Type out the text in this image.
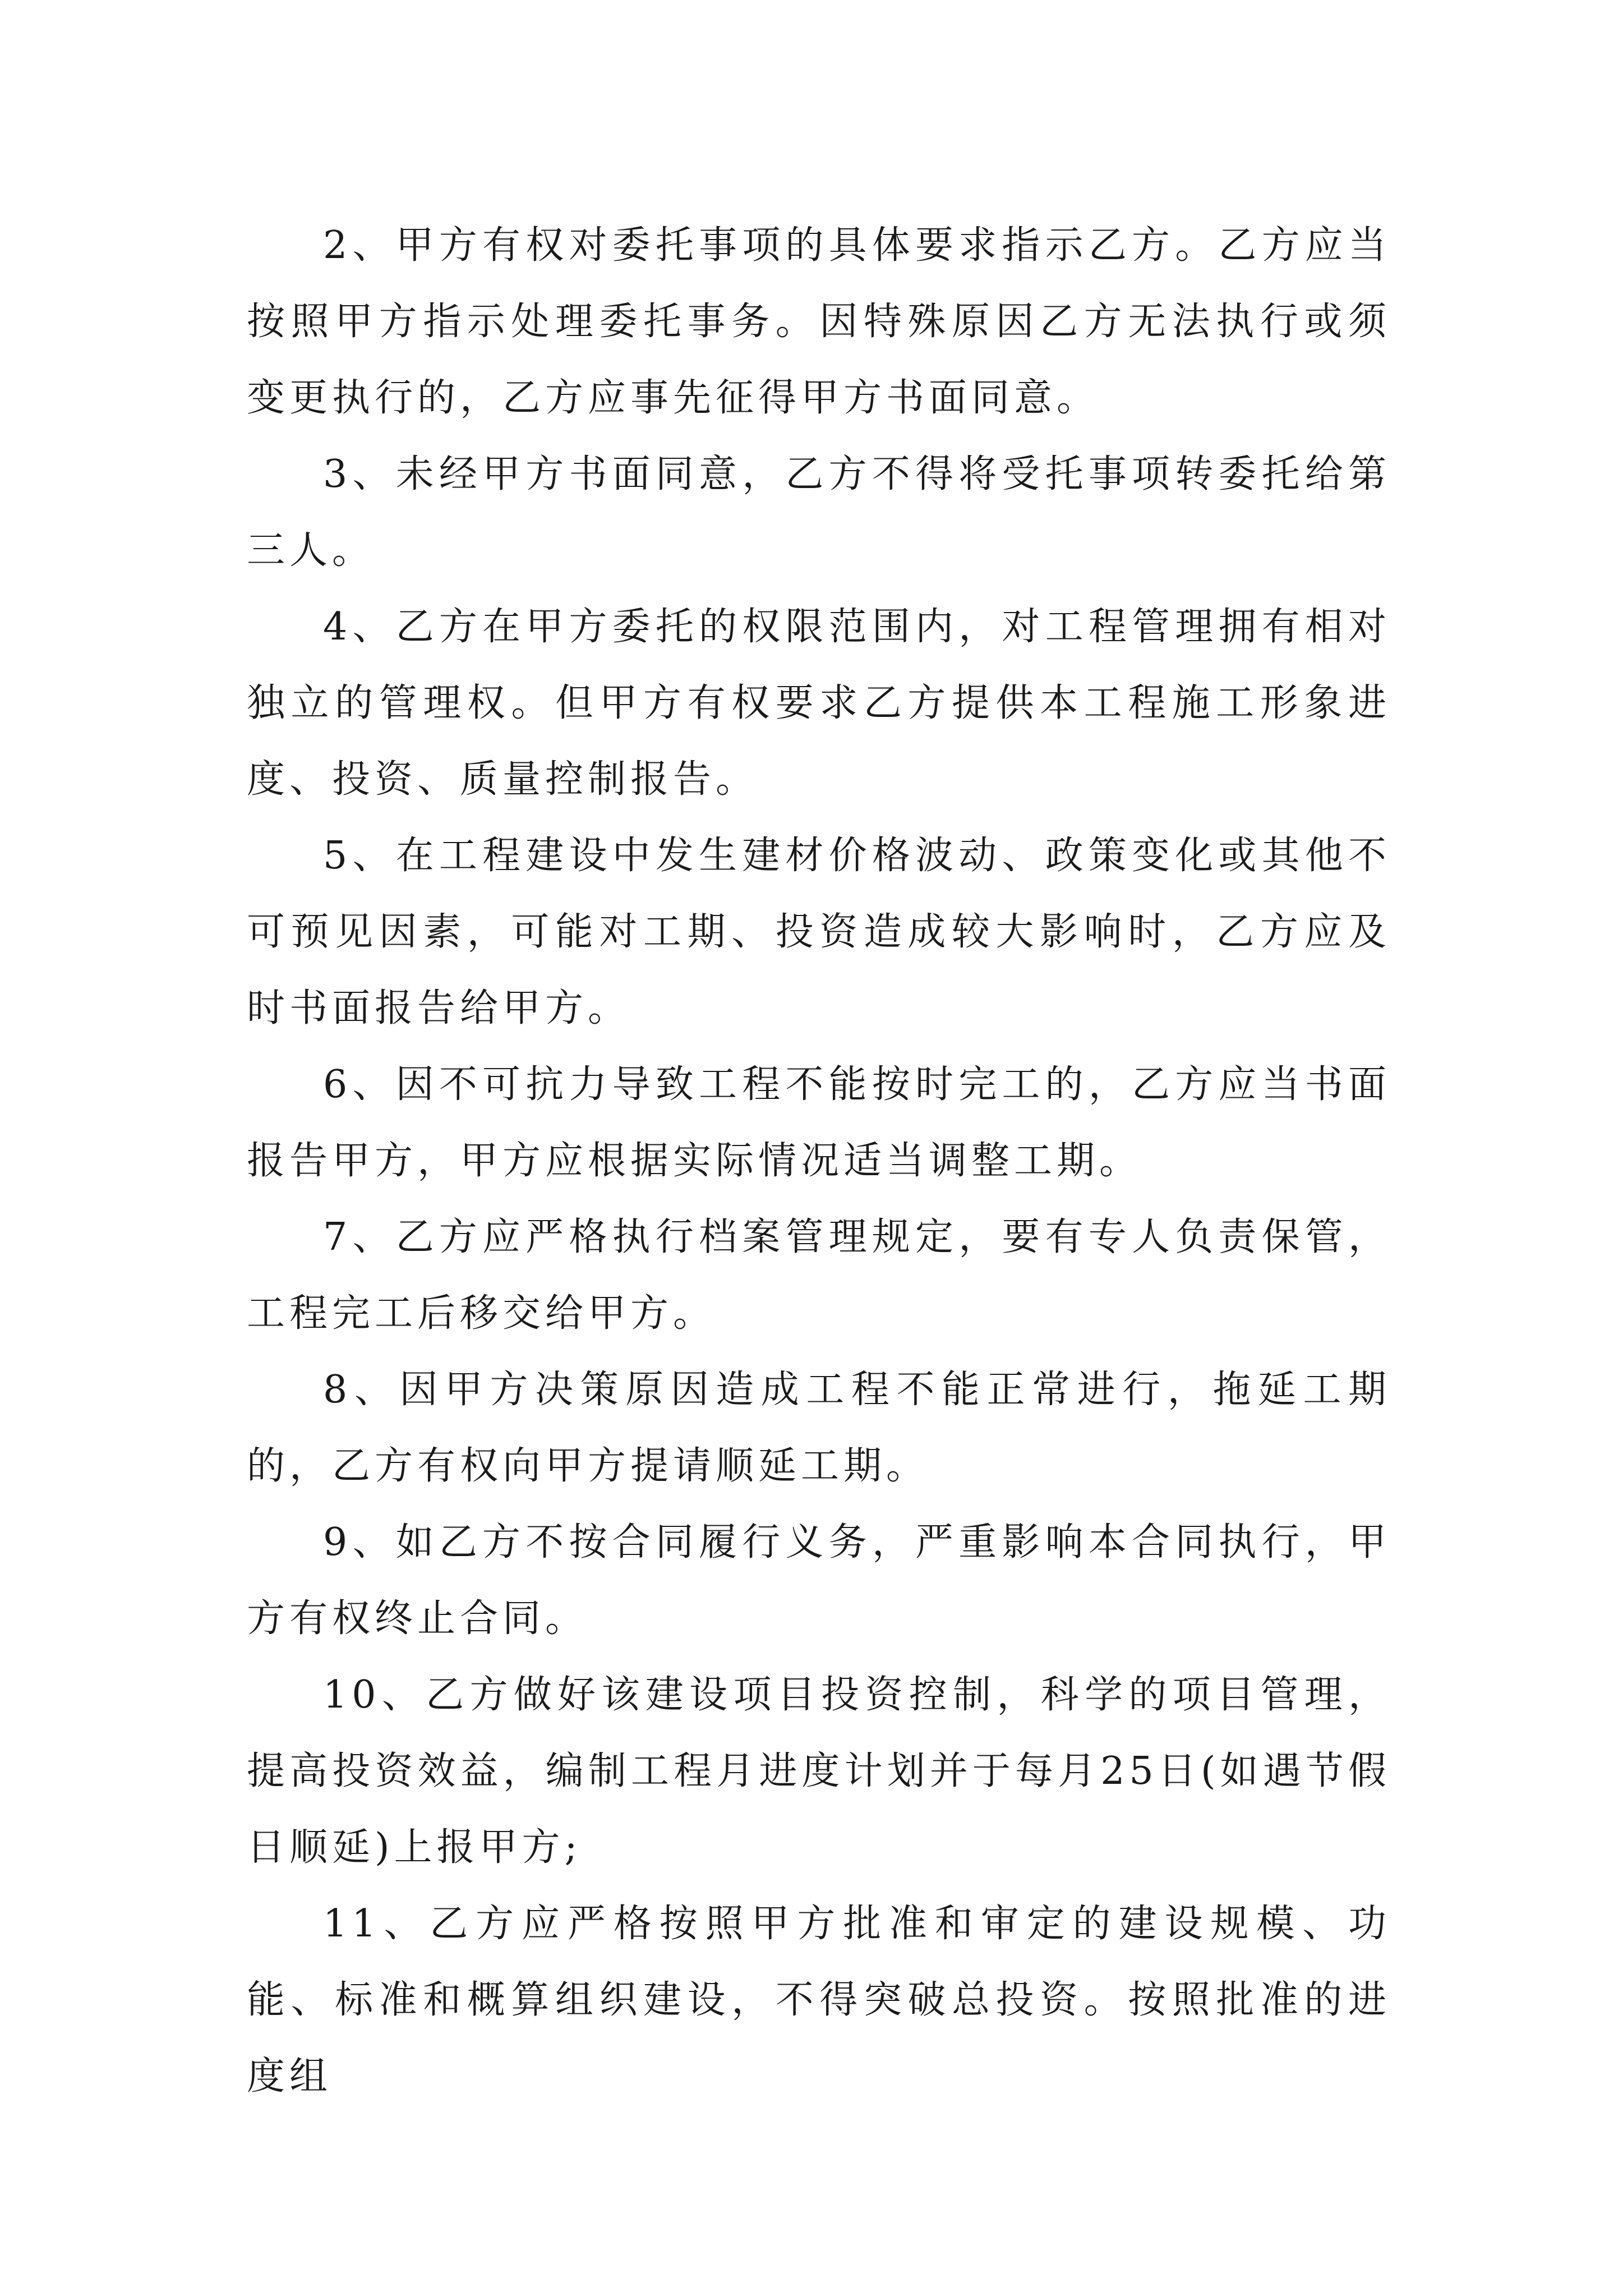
2、甲方有权对委托事项的具体要求指示乙方。乙方应当按照甲方指示处理委托事务。因特殊原因乙方无法执行或须变更执行的，乙方应事先征得甲方书面同意。

3、未经甲方书面同意，乙方不得将受托事项转委托给第三人。

4、乙方在甲方委托的权限范围内，对工程管理拥有相对独立的管理权。但甲方有权要求乙方提供本工程施工形象进度、投资、质量控制报告。

5、在工程建设中发生建材价格波动、政策变化或其他不可预见因素，可能对工期、投资造成较大影响时，乙方应及时书面报告给甲方。

6、因不可抗力导致工程不能按时完工的，乙方应当书面报告甲方，甲方应根据实际情况适当调整工期。

7、乙方应严格执行档案管理规定，要有专人负责保管，工程完工后移交给甲方。

8、因甲方决策原因造成工程不能正常进行，拖延工期的，乙方有权向甲方提请顺延工期。

9、如乙方不按合同履行义务，严重影响本合同执行，甲方有权终止合同。

10、乙方做好该建设项目投资控制，科学的项目管理，提高投资效益，编制工程月进度计划并于每月25日(如遇节假日顺延)上报甲方;

11、乙方应严格按照甲方批准和审定的建设规模、功能、标准和概算组织建设，不得突破总投资。按照批准的进度组
